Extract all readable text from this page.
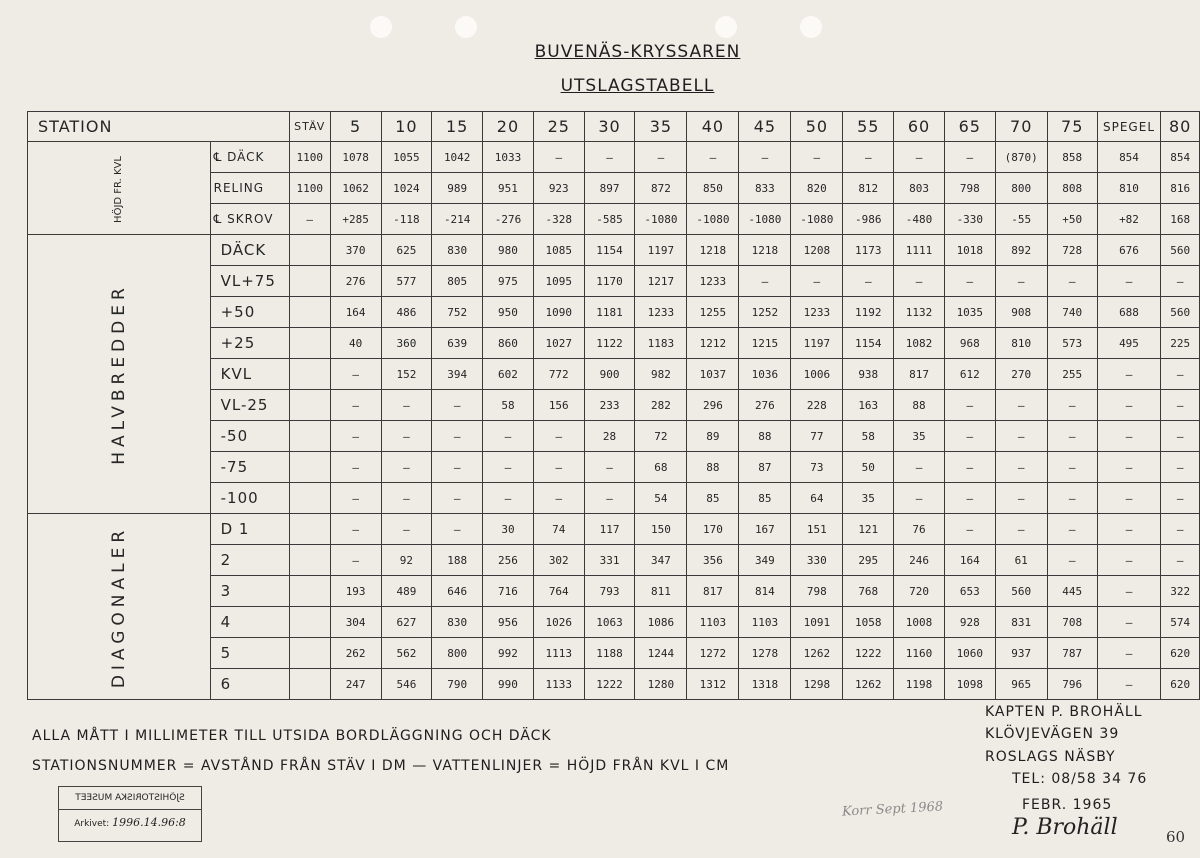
BUVENÄS-KRYSSAREN
UTSLAGSTABELL
STATION		STÄV	5	10	15	20	25	30	35	40	45	50	55	60	65	70	75	SPEGEL	80
HÖJD FR. KVL	℄ DÄCK	1100	1078	1055	1042	1033	—	—	—	—	—	—	—	—	—	(870)	858	854	854
	RELING	1100	1062	1024	989	951	923	897	872	850	833	820	812	803	798	800	808	810	816
	℄ SKROV	—	+285	-118	-214	-276	-328	-585	-1080	-1080	-1080	-1080	-986	-480	-330	-55	+50	+82	168
HALVBREDDER	DÄCK		370	625	830	980	1085	1154	1197	1218	1218	1208	1173	1111	1018	892	728	676	560
	VL+75		276	577	805	975	1095	1170	1217	1233	—	—	—	—	—	—	—	—	—
	+50		164	486	752	950	1090	1181	1233	1255	1252	1233	1192	1132	1035	908	740	688	560
	+25		40	360	639	860	1027	1122	1183	1212	1215	1197	1154	1082	968	810	573	495	225
	KVL		—	152	394	602	772	900	982	1037	1036	1006	938	817	612	270	255	—	—
	VL-25		—	—	—	58	156	233	282	296	276	228	163	88	—	—	—	—	—
	-50		—	—	—	—	—	28	72	89	88	77	58	35	—	—	—	—	—
	-75		—	—	—	—	—	—	68	88	87	73	50	—	—	—	—	—	—
	-100		—	—	—	—	—	—	54	85	85	64	35	—	—	—	—	—	—
DIAGONALER	D 1		—	—	—	30	74	117	150	170	167	151	121	76	—	—	—	—	—
	2		—	92	188	256	302	331	347	356	349	330	295	246	164	61	—	—	—
	3		193	489	646	716	764	793	811	817	814	798	768	720	653	560	445	—	322
	4		304	627	830	956	1026	1063	1086	1103	1103	1091	1058	1008	928	831	708	—	574
	5		262	562	800	992	1113	1188	1244	1272	1278	1262	1222	1160	1060	937	787	—	620
	6		247	546	790	990	1133	1222	1280	1312	1318	1298	1262	1198	1098	965	796	—	620
ALLA MÅTT I MILLIMETER TILL UTSIDA BORDLÄGGNING OCH DÄCK
STATIONSNUMMER = AVSTÅND FRÅN STÄV I DM — VATTENLINJER = HÖJD FRÅN KVL I CM
KAPTEN P. BROHÄLL
KLÖVJEVÄGEN 39
ROSLAGS NÄSBY
TEL: 08/58 34 76
FEBR. 1965
P. Brohäll
SJÖHISTORISKA MUSEET
Arkivet: 1996.14.96:8
Korr Sept 1968
60
